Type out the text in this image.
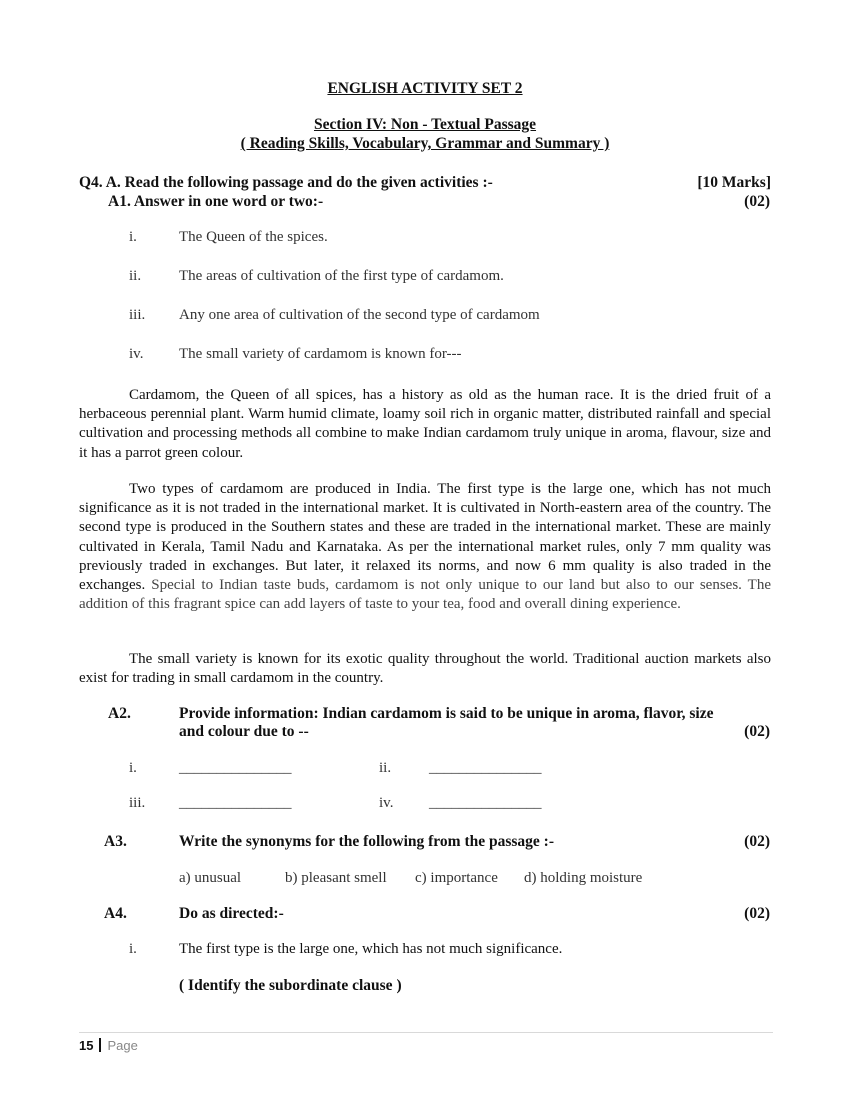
ENGLISH ACTIVITY SET 2
Section IV: Non - Textual Passage
( Reading Skills, Vocabulary, Grammar and Summary )
Q4. A. Read the following passage and do the given activities :-	[10 Marks]
A1. Answer in one word or two:-	(02)
i.	The Queen of the spices.
ii.	The areas of cultivation of the first type of cardamom.
iii. Any one area of cultivation of the second type of cardamom
iv. The small variety of cardamom is known for---
Cardamom, the Queen of all spices, has a history as old as the human race. It is the dried fruit of a herbaceous perennial plant. Warm humid climate, loamy soil rich in organic matter, distributed rainfall and special cultivation and processing methods all combine to make Indian cardamom truly unique in aroma, flavour, size and it has a parrot green colour.
Two types of cardamom are produced in India. The first type is the large one, which has not much significance as it is not traded in the international market. It is cultivated in North-eastern area of the country. The second type is produced in the Southern states and these are traded in the international market. These are mainly cultivated in Kerala, Tamil Nadu and Karnataka. As per the international market rules, only 7 mm quality was previously traded in exchanges. But later, it relaxed its norms, and now 6 mm quality is also traded in the exchanges. Special to Indian taste buds, cardamom is not only unique to our land but also to our senses. The addition of this fragrant spice can add layers of taste to your tea, food and overall dining experience.
The small variety is known for its exotic quality throughout the world. Traditional auction markets also exist for trading in small cardamom in the country.
A2.	Provide information: Indian cardamom is said to be unique in aroma, flavor, size
and colour due to --	(02)
i.	_______________	ii.	_______________
iii. _______________	iv. _______________
A3.	Write the synonyms for the following from the passage :-	(02)
a) unusual	b) pleasant smell c) importance d) holding moisture
A4.	Do as directed:-	(02)
i.	The first type is the large one, which has not much significance.
( Identify the subordinate clause )
15 Page
